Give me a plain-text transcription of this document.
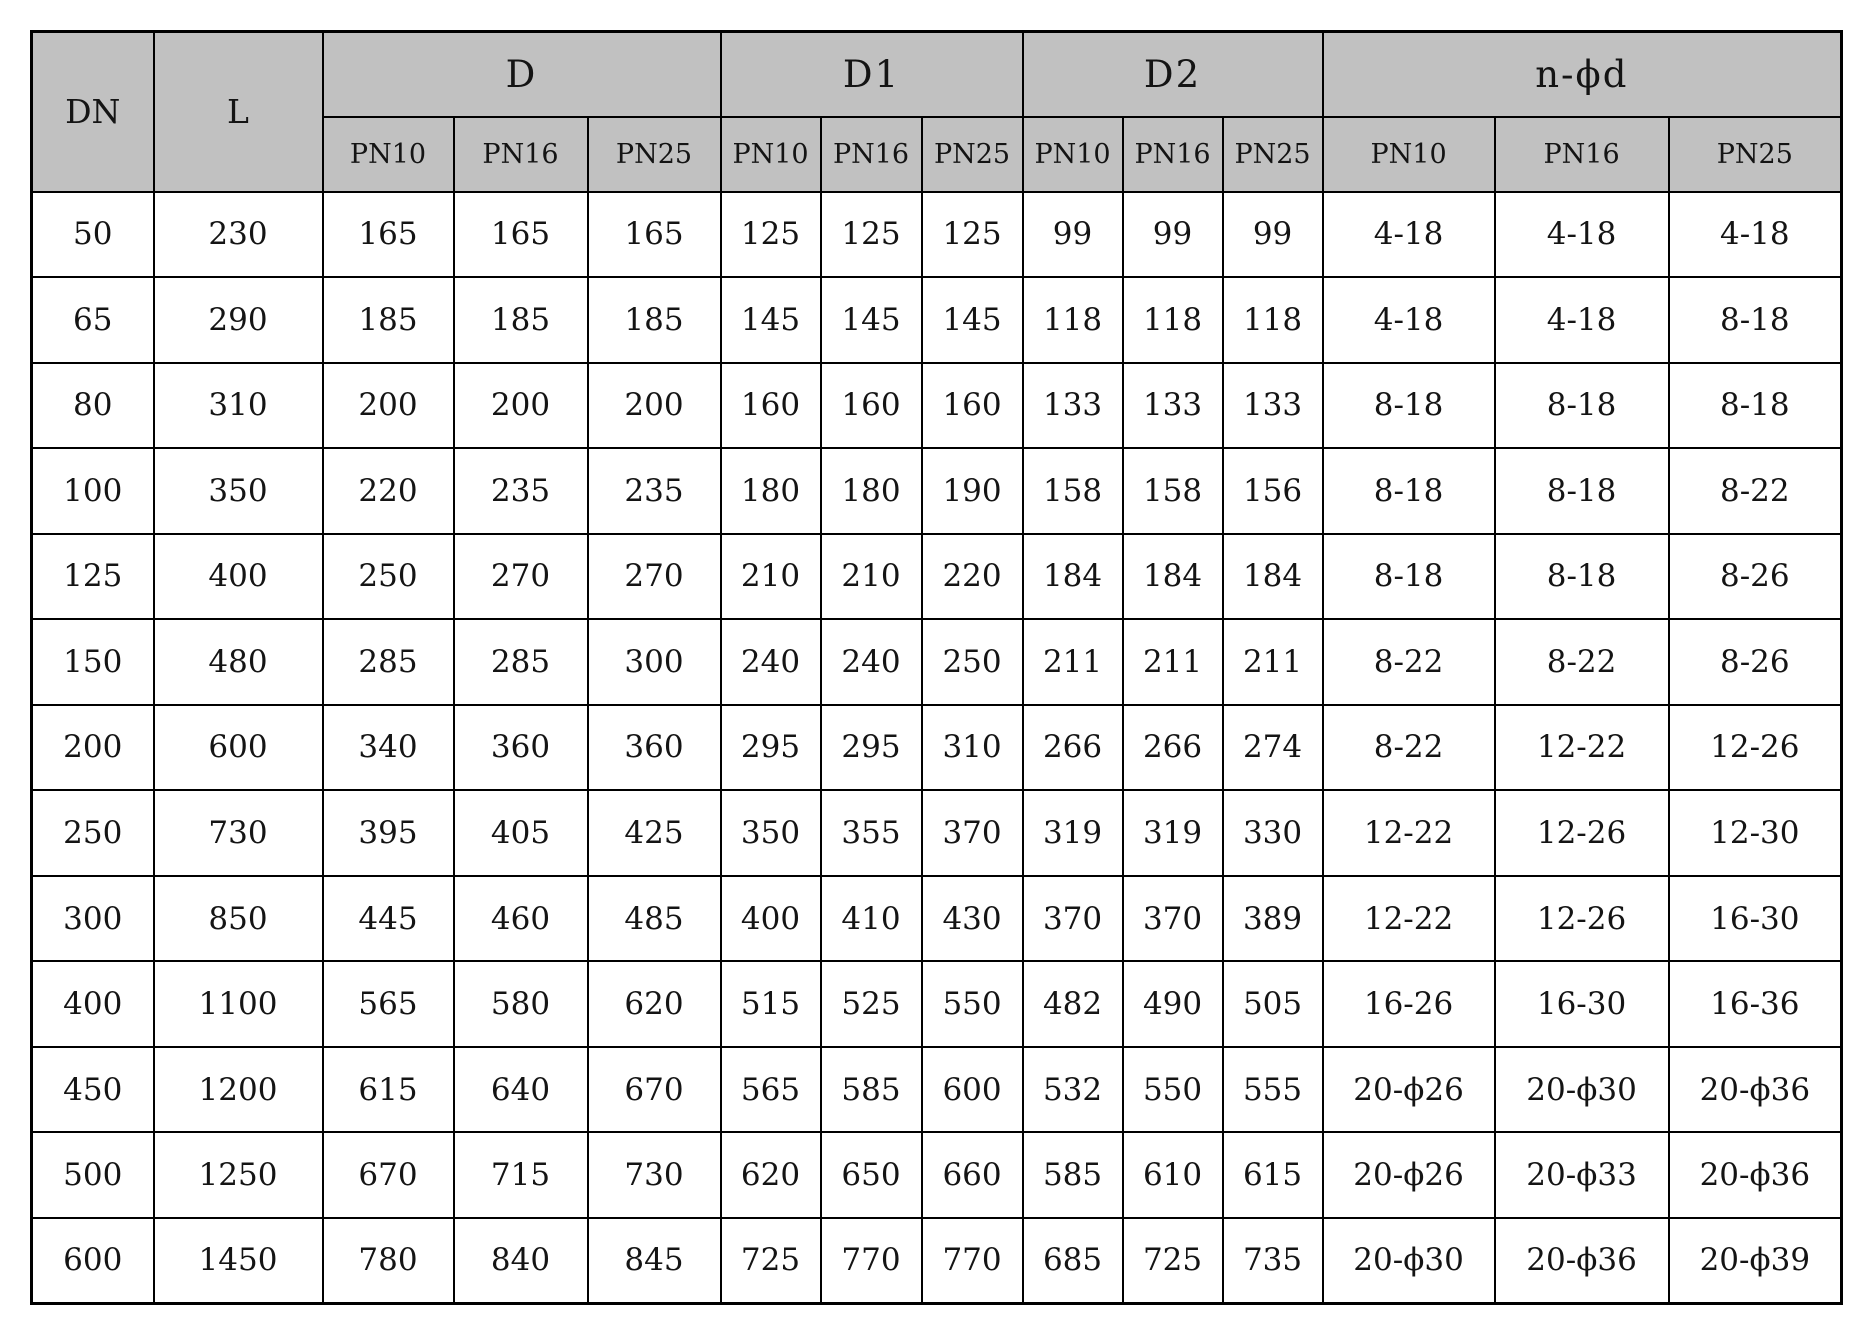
DN	L	D			D1			D2			n-ϕd		
		PN10	PN16	PN25	PN10	PN16	PN25	PN10	PN16	PN25	PN10	PN16	PN25
50	230	165	165	165	125	125	125	99	99	99	4-18	4-18	4-18
65	290	185	185	185	145	145	145	118	118	118	4-18	4-18	8-18
80	310	200	200	200	160	160	160	133	133	133	8-18	8-18	8-18
100	350	220	235	235	180	180	190	158	158	156	8-18	8-18	8-22
125	400	250	270	270	210	210	220	184	184	184	8-18	8-18	8-26
150	480	285	285	300	240	240	250	211	211	211	8-22	8-22	8-26
200	600	340	360	360	295	295	310	266	266	274	8-22	12-22	12-26
250	730	395	405	425	350	355	370	319	319	330	12-22	12-26	12-30
300	850	445	460	485	400	410	430	370	370	389	12-22	12-26	16-30
400	1100	565	580	620	515	525	550	482	490	505	16-26	16-30	16-36
450	1200	615	640	670	565	585	600	532	550	555	20-ϕ26	20-ϕ30	20-ϕ36
500	1250	670	715	730	620	650	660	585	610	615	20-ϕ26	20-ϕ33	20-ϕ36
600	1450	780	840	845	725	770	770	685	725	735	20-ϕ30	20-ϕ36	20-ϕ39
